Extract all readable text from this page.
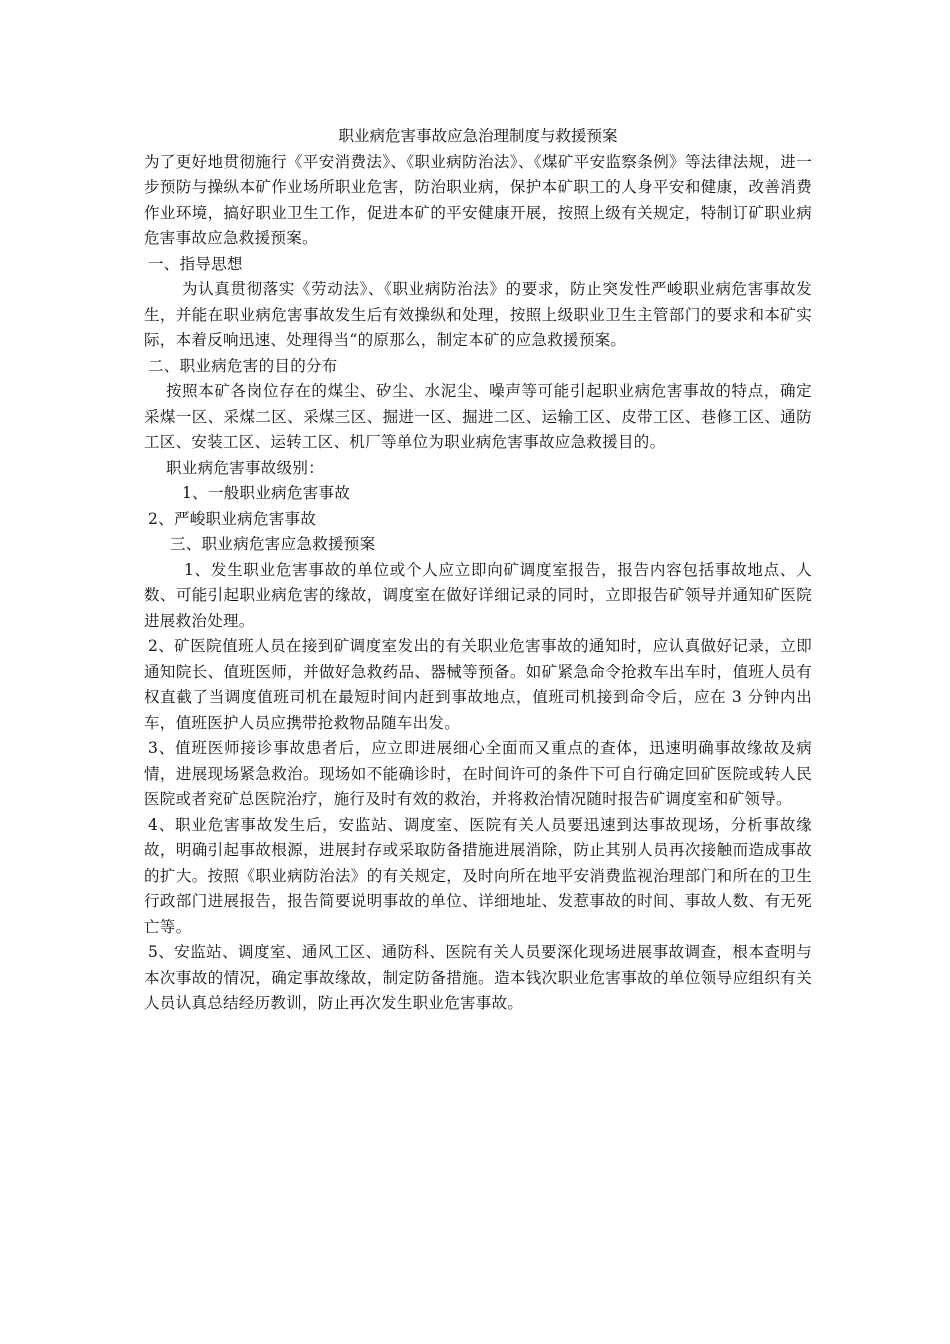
职业病危害事故应急治理制度与救援预案

为了更好地贯彻施行《平安消费法》、《职业病防治法》、《煤矿平安监察条例》等法律法规，进一步预防与操纵本矿作业场所职业危害，防治职业病，保护本矿职工的人身平安和健康，改善消费作业环境，搞好职业卫生工作，促进本矿的平安健康开展，按照上级有关规定，特制订矿职业病危害事故应急救援预案。

一、指导思想

为认真贯彻落实《劳动法》、《职业病防治法》的要求，防止突发性严峻职业病危害事故发生，并能在职业病危害事故发生后有效操纵和处理，按照上级职业卫生主管部门的要求和本矿实际，本着反响迅速、处理得当“的原那么，制定本矿的应急救援预案。

二、职业病危害的目的分布

按照本矿各岗位存在的煤尘、矽尘、水泥尘、噪声等可能引起职业病危害事故的特点，确定采煤一区、采煤二区、采煤三区、掘进一区、掘进二区、运输工区、皮带工区、巷修工区、通防工区、安装工区、运转工区、机厂等单位为职业病危害事故应急救援目的。

职业病危害事故级别：

1、一般职业病危害事故

2、严峻职业病危害事故

三、职业病危害应急救援预案

1、发生职业危害事故的单位或个人应立即向矿调度室报告，报告内容包括事故地点、人数、可能引起职业病危害的缘故，调度室在做好详细记录的同时，立即报告矿领导并通知矿医院进展救治处理。

2、矿医院值班人员在接到矿调度室发出的有关职业危害事故的通知时，应认真做好记录，立即通知院长、值班医师，并做好急救药品、器械等预备。如矿紧急命令抢救车出车时，值班人员有权直截了当调度值班司机在最短时间内赶到事故地点，值班司机接到命令后，应在 3 分钟内出车，值班医护人员应携带抢救物品随车出发。

3、值班医师接诊事故患者后，应立即进展细心全面而又重点的查体，迅速明确事故缘故及病情，进展现场紧急救治。现场如不能确诊时，在时间许可的条件下可自行确定回矿医院或转人民医院或者兖矿总医院治疗，施行及时有效的救治，并将救治情况随时报告矿调度室和矿领导。

4、职业危害事故发生后，安监站、调度室、医院有关人员要迅速到达事故现场，分析事故缘故，明确引起事故根源，进展封存或采取防备措施进展消除，防止其别人员再次接触而造成事故的扩大。按照《职业病防治法》的有关规定，及时向所在地平安消费监视治理部门和所在的卫生行政部门进展报告，报告简要说明事故的单位、详细地址、发惹事故的时间、事故人数、有无死亡等。

5、安监站、调度室、通风工区、通防科、医院有关人员要深化现场进展事故调查，根本查明与本次事故的情况，确定事故缘故，制定防备措施。造本钱次职业危害事故的单位领导应组织有关人员认真总结经历教训，防止再次发生职业危害事故。
